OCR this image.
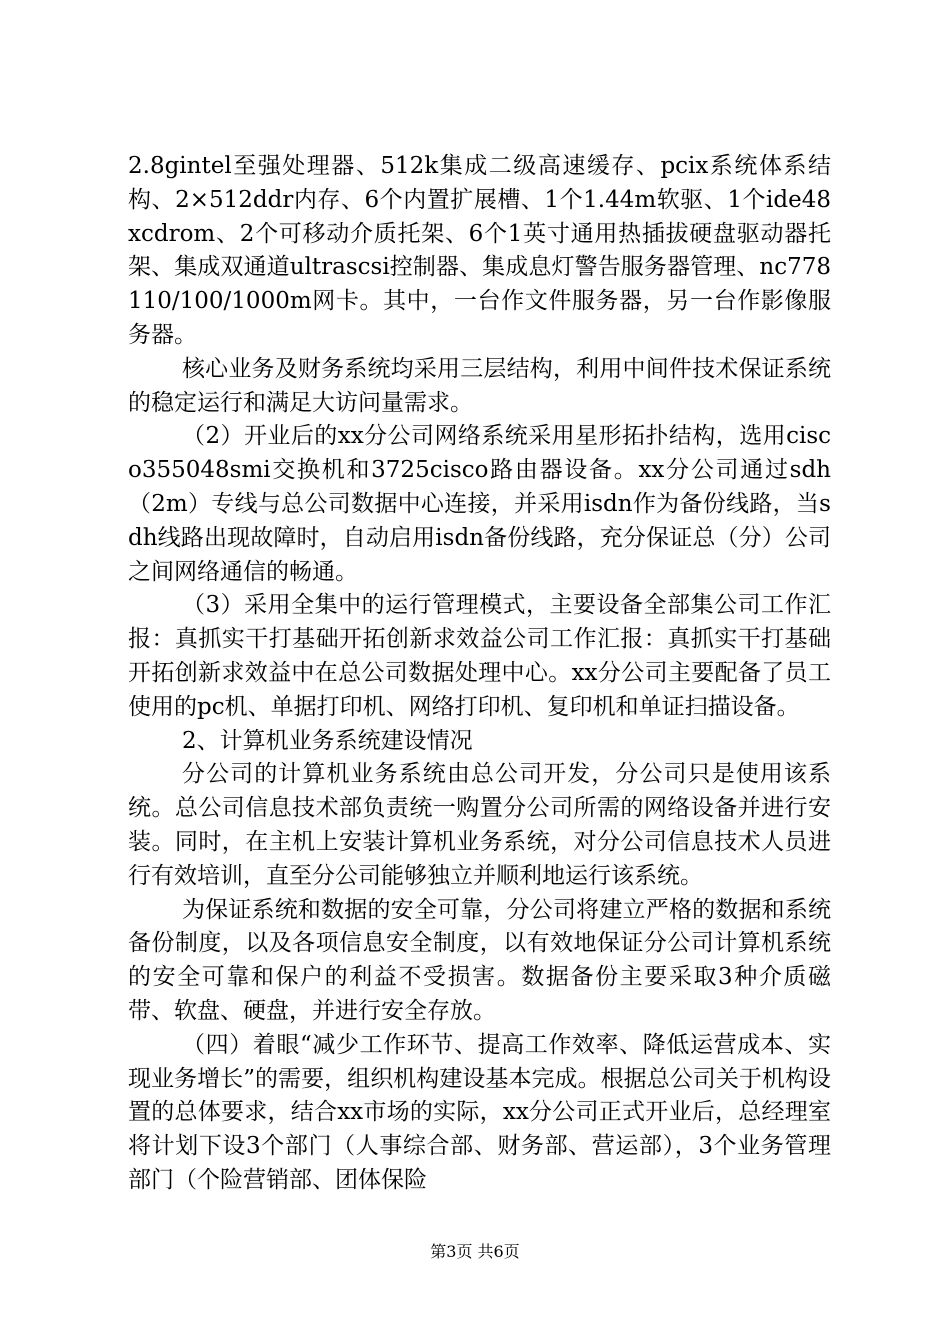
2.8gintel至强处理器、512k集成二级高速缓存、pcix系统体系结构、2×512ddr内存、6个内置扩展槽、1个1.44m软驱、1个ide48xcdrom、2个可移动介质托架、6个1英寸通用热插拔硬盘驱动器托架、集成双通道ultrascsi控制器、集成息灯警告服务器管理、nc778110/100/1000m网卡。其中，一台作文件服务器，另一台作影像服务器。

核心业务及财务系统均采用三层结构，利用中间件技术保证系统的稳定运行和满足大访问量需求。

（2）开业后的xx分公司网络系统采用星形拓扑结构，选用cisco355048smi交换机和3725cisco路由器设备。xx分公司通过sdh（2m）专线与总公司数据中心连接，并采用isdn作为备份线路，当sdh线路出现故障时，自动启用isdn备份线路，充分保证总（分）公司之间网络通信的畅通。

（3）采用全集中的运行管理模式，主要设备全部集公司工作汇报：真抓实干打基础开拓创新求效益公司工作汇报：真抓实干打基础开拓创新求效益中在总公司数据处理中心。xx分公司主要配备了员工使用的pc机、单据打印机、网络打印机、复印机和单证扫描设备。

2、计算机业务系统建设情况

分公司的计算机业务系统由总公司开发，分公司只是使用该系统。总公司信息技术部负责统一购置分公司所需的网络设备并进行安装。同时，在主机上安装计算机业务系统，对分公司信息技术人员进行有效培训，直至分公司能够独立并顺利地运行该系统。

为保证系统和数据的安全可靠，分公司将建立严格的数据和系统备份制度，以及各项信息安全制度，以有效地保证分公司计算机系统的安全可靠和保户的利益不受损害。数据备份主要采取3种介质磁带、软盘、硬盘，并进行安全存放。

（四）着眼“减少工作环节、提高工作效率、降低运营成本、实现业务增长”的需要，组织机构建设基本完成。根据总公司关于机构设置的总体要求，结合xx市场的实际，xx分公司正式开业后，总经理室将计划下设3个部门（人事综合部、财务部、营运部），3个业务管理部门（个险营销部、团体保险

第3页 共6页
